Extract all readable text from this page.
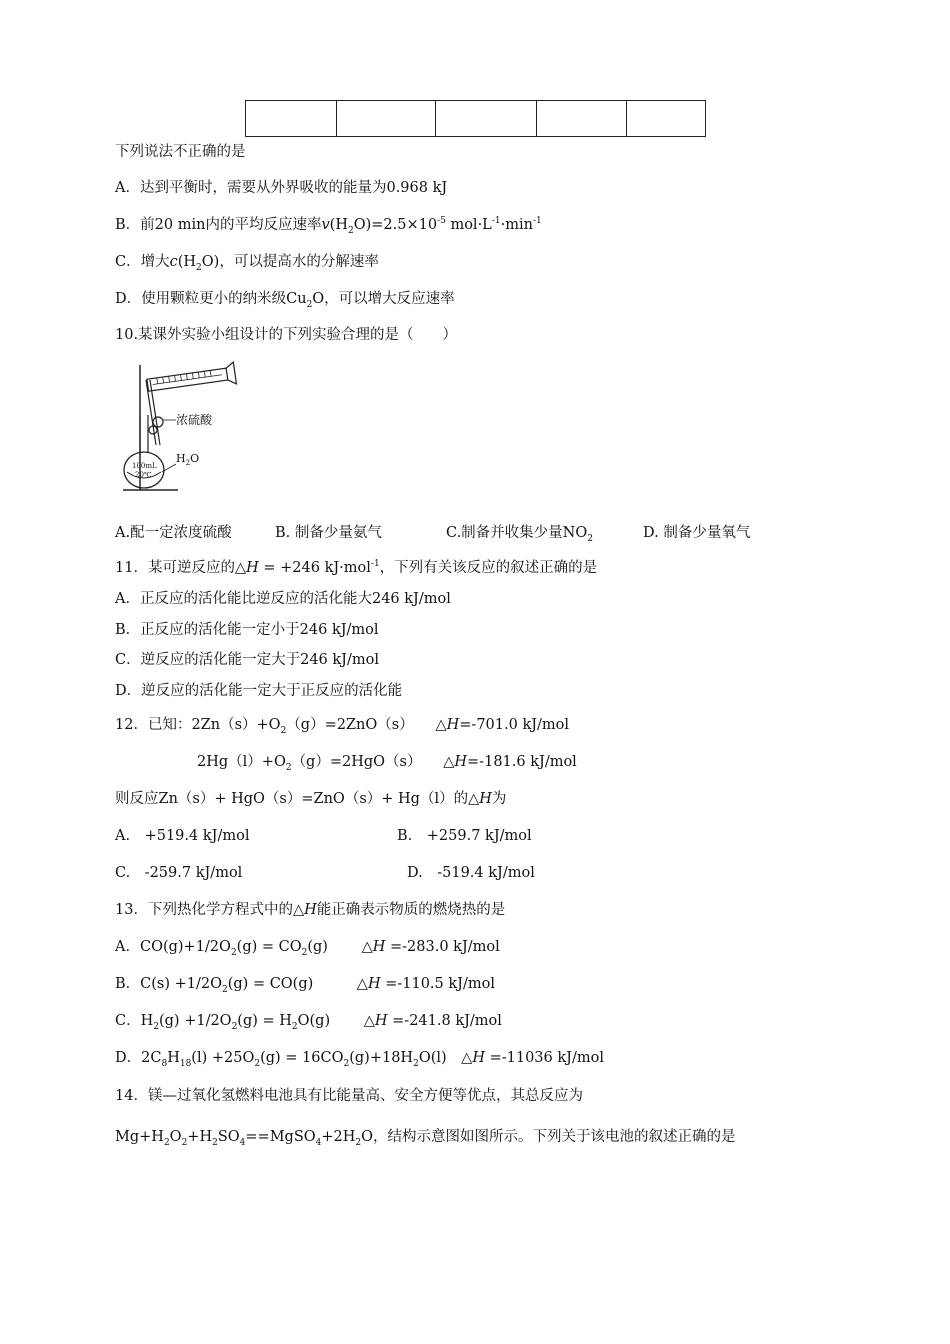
下列说法不正确的是
A．达到平衡时，需要从外界吸收的能量为0.968 kJ
B．前20 min内的平均反应速率$v(H_2O)=2.5\times 10^{-5}$ $mol\cdot L^{-1}\cdot\min^{-1}$
C．增大$c(H_2O)$，可以提高水的分解速率
D．使用颗粒更小的纳米级$Cu_2O$，可以增大反应速率
10.某课外实验小组设计的下列实验合理的是（　　）
浓硫酸
$H_2O$
100mL
20℃
A.配一定浓度硫酸	B. 制备少量氨气	C.制备并收集少量$NO_2$	D. 制备少量氧气
11．某可逆反应的△H = +246 kJ·mol$^{-1}$，下列有关该反应的叙述正确的是
A．正反应的活化能比逆反应的活化能大246 kJ/mol
B．正反应的活化能一定小于246 kJ/mol
C．逆反应的活化能一定大于246 kJ/mol
D．逆反应的活化能一定大于正反应的活化能
12．已知：$2Zn(s)+O_2(g)=2ZnO(s)$　　△H=-701.0 kJ/mol
$2Hg(l)+O_2(g)=2HgO(s)$　　△H=-181.6 kJ/mol
则反应Zn（s）+ HgO（s）=ZnO（s）+ Hg（l）的△H为
A.　+519.4 kJ/mol	B.　+259.7 kJ/mol
C.　-259.7 kJ/mol	D.　-519.4 kJ/mol
13．下列热化学方程式中的△H能正确表示物质的燃烧热的是
A．$CO(g)+1/2O_2(g) = CO_2(g)$　　 △H =-283.0 kJ/mol
B．$C(s) +1/2O_2(g) = CO(g)$　　　△H =-110.5 kJ/mol
C．$H_2(g) +1/2O_2(g) = H_2O(g)$　　 △H =-241.8 kJ/mol
D．$2C_8H_{18}(l) +25O_2(g) = 16CO_2(g)+18H_2O(l)$　△H =-11036 kJ/mol
14．镁—过氧化氢燃料电池具有比能量高、安全方便等优点，其总反应为
$Mg+H_2O_2+H_2SO_4==MgSO_4+2H_2O$，结构示意图如图所示。下列关于该电池的叙述正确的是
